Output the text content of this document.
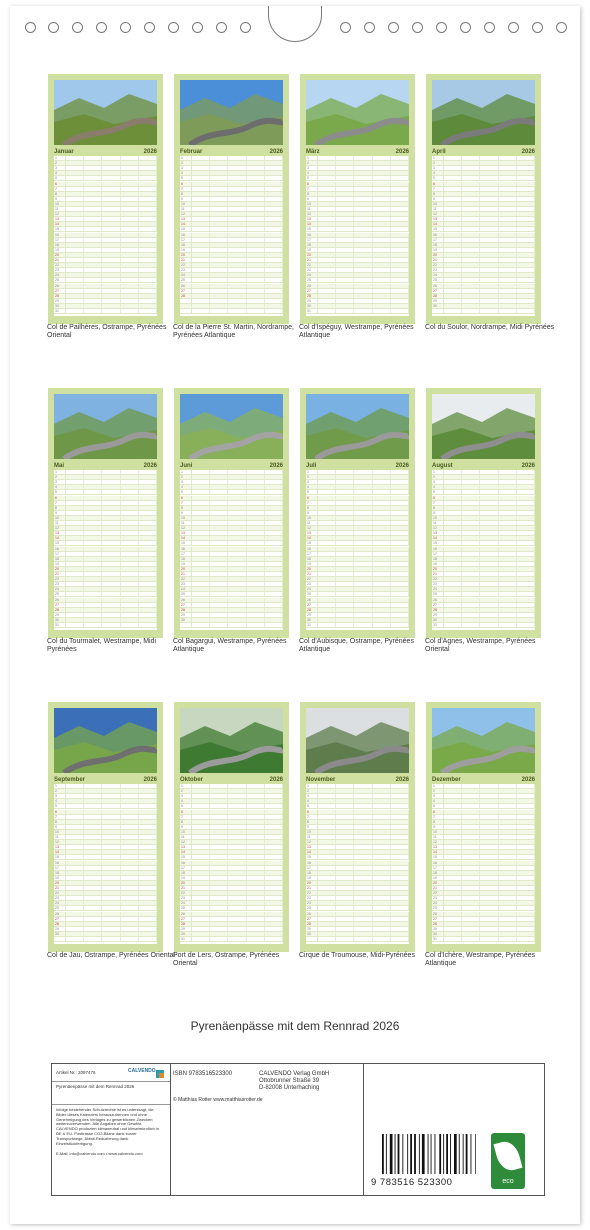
Januar	2026
1
2
3
4
5
6
7
8
9
10
11
12
13
14
15
16
17
18
19
20
21
22
23
24
25
26
27
28
29
30
31
Col de Pailhères, Ostrampe, Pyrénées Oriental
Februar	2026
1
2
3
4
5
6
7
8
9
10
11
12
13
14
15
16
17
18
19
20
21
22
23
24
25
26
27
28
Col de la Pierre St. Martin, Nordrampe, Pyrénées Atlantique
März	2026
1
2
3
4
5
6
7
8
9
10
11
12
13
14
15
16
17
18
19
20
21
22
23
24
25
26
27
28
29
30
31
Col d'Ispéguy, Westrampe, Pyrénées Atlantique
April	2026
1
2
3
4
5
6
7
8
9
10
11
12
13
14
15
16
17
18
19
20
21
22
23
24
25
26
27
28
29
30
Col du Soulor, Nordrampe, Midi Pyrénées
Mai	2026
1
2
3
4
5
6
7
8
9
10
11
12
13
14
15
16
17
18
19
20
21
22
23
24
25
26
27
28
29
30
31
Col du Tourmalet, Westrampe, Midi Pyrénées
Juni	2026
1
2
3
4
5
6
7
8
9
10
11
12
13
14
15
16
17
18
19
20
21
22
23
24
25
26
27
28
29
30
Col Bagargui, Westrampe, Pyrénées Atlantique
Juli	2026
1
2
3
4
5
6
7
8
9
10
11
12
13
14
15
16
17
18
19
20
21
22
23
24
25
26
27
28
29
30
31
Col d'Aubisque, Ostrampe, Pyrénées Atlantique
August	2026
1
2
3
4
5
6
7
8
9
10
11
12
13
14
15
16
17
18
19
20
21
22
23
24
25
26
27
28
29
30
31
Col d'Agnes, Westrampe, Pyrénées Oriental
September	2026
1
2
3
4
5
6
7
8
9
10
11
12
13
14
15
16
17
18
19
20
21
22
23
24
25
26
27
28
29
30
Col de Jau, Ostrampe, Pyrénées Oriental
Oktober	2026
1
2
3
4
5
6
7
8
9
10
11
12
13
14
15
16
17
18
19
20
21
22
23
24
25
26
27
28
29
30
31
Port de Lers, Ostrampe, Pyrénées Oriental
November	2026
1
2
3
4
5
6
7
8
9
10
11
12
13
14
15
16
17
18
19
20
21
22
23
24
25
26
27
28
29
30
Cirque de Troumouse, Midi-Pyrénées
Dezember	2026
1
2
3
4
5
6
7
8
9
10
11
12
13
14
15
16
17
18
19
20
21
22
23
24
25
26
27
28
29
30
31
Col d'Ichère, Westrampe, Pyrénées Atlantique
Pyrenäenpässe mit dem Rennrad 2026
Artikel Nr.: 2097476	CALVENDO
Pyrenäenpässe mit dem Rennrad 2026
Infolge bestehender Schutzrechte ist es unterssagt, die Bilder dieses Kalenders herauszutrennen und ohne Genehmigung des Verlages zu gewerblichen Zwecken weiterzuverwenden. Alle Angaben ohne Gewähr. CALVENDO produziert klimaneutral und klimafreundlich in DE & EU. Posttrasse CO2-Bilanz dank kurzer Transportwege, Abfall-Reduzierung dank Einzelstückfertigung.
E-Mail: info@calvendo.com • www.calvendo.com
ISBN 9783516523300	CALVENDO Verlag GmbH
Ottobrunner Straße 39
D-82008 Unterhaching
© Matthias Rotter www.matthiasrotter.de
9 783516 523300	eco
